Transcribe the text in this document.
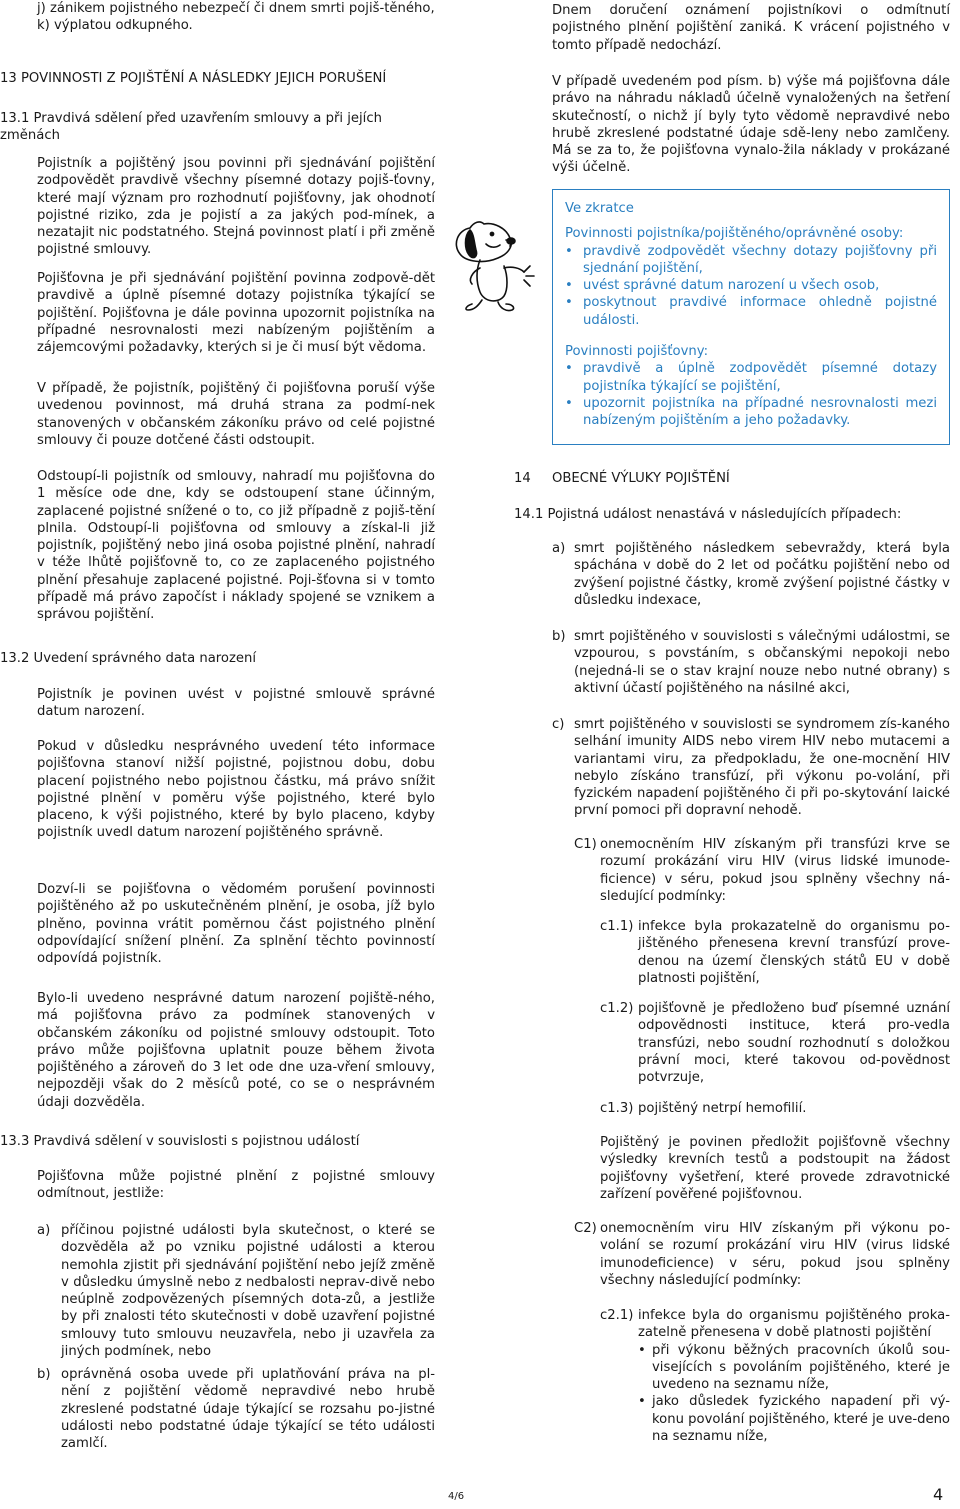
j) zánikem pojistného nebezpečí či dnem smrti pojiš-těného,

k) výplatou odkupného.

13 POVINNOSTI Z POJIŠTĚNÍ A NÁSLEDKY JEJICH PORUŠENÍ

13.1 Pravdivá sdělení před uzavřením smlouvy a při jejích změnách

Pojistník a pojištěný jsou povinni při sjednávání pojištění zodpovědět pravdivě všechny písemné dotazy pojiš-ťovny, které mají význam pro rozhodnutí pojišťovny, jak ohodnotí pojistné riziko, zda je pojistí a za jakých pod-mínek, a nezatajit nic podstatného. Stejná povinnost platí i při změně pojistné smlouvy.

Pojišťovna je při sjednávání pojištění povinna zodpově-dět pravdivě a úplně písemné dotazy pojistníka týkající se pojištění. Pojišťovna je dále povinna upozornit pojistníka na případné nesrovnalosti mezi nabízeným pojištěním a zájemcovými požadavky, kterých si je či musí být vědoma.

V případě, že pojistník, pojištěný či pojišťovna poruší výše uvedenou povinnost, má druhá strana za podmí-nek stanovených v občanském zákoníku právo od celé pojistné smlouvy či pouze dotčené části odstoupit.

Odstoupí-li pojistník od smlouvy, nahradí mu pojišťovna do 1 měsíce ode dne, kdy se odstoupení stane účinným, zaplacené pojistné snížené o to, co již případně z pojiš-tění plnila. Odstoupí-li pojišťovna od smlouvy a získal-li již pojistník, pojištěný nebo jiná osoba pojistné plnění, nahradí v téže lhůtě pojišťovně to, co ze zaplaceného pojistného plnění přesahuje zaplacené pojistné. Poji-šťovna si v tomto případě má právo započíst i náklady spojené se vznikem a správou pojištění.

13.2 Uvedení správného data narození

Pojistník je povinen uvést v pojistné smlouvě správné datum narození.

Pokud v důsledku nesprávného uvedení této informace pojišťovna stanoví nižší pojistné, pojistnou dobu, dobu placení pojistného nebo pojistnou částku, má právo snížit pojistné plnění v poměru výše pojistného, které bylo placeno, k výši pojistného, které by bylo placeno, kdyby pojistník uvedl datum narození pojištěného správně.

Dozví-li se pojišťovna o vědomém porušení povinnosti pojištěného až po uskutečněném plnění, je osoba, jíž bylo plněno, povinna vrátit poměrnou část pojistného plnění odpovídající snížení plnění. Za splnění těchto povinností odpovídá pojistník.

Bylo-li uvedeno nesprávné datum narození pojiště-ného, má pojišťovna právo za podmínek stanovených v občanském zákoníku od pojistné smlouvy odstoupit. Toto právo může pojišťovna uplatnit pouze během života pojištěného a zároveň do 3 let ode dne uza-vření smlouvy, nejpozději však do 2 měsíců poté, co se o nesprávném údaji dozvěděla.

13.3 Pravdivá sdělení v souvislosti s pojistnou událostí

Pojišťovna může pojistné plnění z pojistné smlouvy odmítnout, jestliže:

a) příčinou pojistné události byla skutečnost, o které se dozvěděla až po vzniku pojistné události a kterou nemohla zjistit při sjednávání pojištění nebo jejíž změně v důsledku úmyslně nebo z nedbalosti neprav-divě nebo neúplně zodpovězených písemných dota-zů, a jestliže by při znalosti této skutečnosti v době uzavření pojistné smlouvy tuto smlouvu neuzavřela, nebo ji uzavřela za jiných podmínek, nebo
b) oprávněná osoba uvede při uplatňování práva na pl-nění z pojištění vědomě nepravdivé nebo hrubě zkreslené podstatné údaje týkající se rozsahu po-jistné události nebo podstatné údaje týkající se této události zamlčí.

Dnem doručení oznámení pojistníkovi o odmítnutí pojistného plnění pojištění zaniká. K vrácení pojistného v tomto případě nedochází.

V případě uvedeném pod písm. b) výše má pojišťovna dále právo na náhradu nákladů účelně vynaložených na šetření skutečností, o nichž jí byly tyto vědomě nepravdivé nebo hrubě zkreslené podstatné údaje sdě-leny nebo zamlčeny. Má se za to, že pojišťovna vynalo-žila náklady v prokázané výši účelně.

Ve zkratce

Povinnosti pojistníka/pojištěného/oprávněné osoby:

• pravdivě zodpovědět všechny dotazy pojišťovny při sjednání pojištění,
• uvést správné datum narození u všech osob,
• poskytnout pravdivé informace ohledně pojistné události.

Povinnosti pojišťovny:

• pravdivě a úplně zodpovědět písemné dotazy pojistníka týkající se pojištění,
• upozornit pojistníka na případné nesrovnalosti mezi nabízeným pojištěním a jeho požadavky.
14	OBECNÉ VÝLUKY POJIŠTĚNÍ

14.1 Pojistná událost nenastává v následujících případech:

a) smrt pojištěného následkem sebevraždy, která byla spáchána v době do 2 let od počátku pojištění nebo od zvýšení pojistné částky, kromě zvýšení pojistné částky v důsledku indexace,
b) smrt pojištěného v souvislosti s válečnými událostmi, se vzpourou, s povstáním, s občanskými nepokoji nebo (nejedná-li se o stav krajní nouze nebo nutné obrany) s aktivní účastí pojištěného na násilné akci,
c) smrt pojištěného v souvislosti se syndromem zís-kaného selhání imunity AIDS nebo virem HIV nebo mutacemi a variantami viru, za předpokladu, že one-mocnění HIV nebylo získáno transfúzí, při výkonu po-volání, při fyzickém napadení pojištěného či při po-skytování laické první pomoci při dopravní nehodě.
C1) onemocněním HIV získaným při transfúzi krve se rozumí prokázání viru HIV (virus lidské imunode-ficience) v séru, pokud jsou splněny všechny ná-sledující podmínky:
c1.1) infekce byla prokazatelně do organismu po-jištěného přenesena krevní transfúzí prove-denou na území členských států EU v době platnosti pojištění,
c1.2) pojišťovně je předloženo buď písemné uznání odpovědnosti instituce, která pro-vedla transfúzi, nebo soudní rozhodnutí s doložkou právní moci, které takovou od-povědnost potvrzuje,
c1.3) pojištěný netrpí hemofilií.

Pojištěný je povinen předložit pojišťovně všechny výsledky krevních testů a podstoupit na žádost pojišťovny vyšetření, které provede zdravotnické zařízení pověřené pojišťovnou.

C2) onemocněním viru HIV získaným při výkonu po-volání se rozumí prokázání viru HIV (virus lidské imunodeficience) v séru, pokud jsou splněny všechny následující podmínky:
c2.1) infekce byla do organismu pojištěného proka-zatelně přenesena v době platnosti pojištění

• při výkonu běžných pracovních úkolů sou-visejících s povoláním pojištěného, které je uvedeno na seznamu níže,

• jako důsledek fyzického napadení při vý-konu povolání pojištěného, které je uve-deno na seznamu níže,

4/6	4
